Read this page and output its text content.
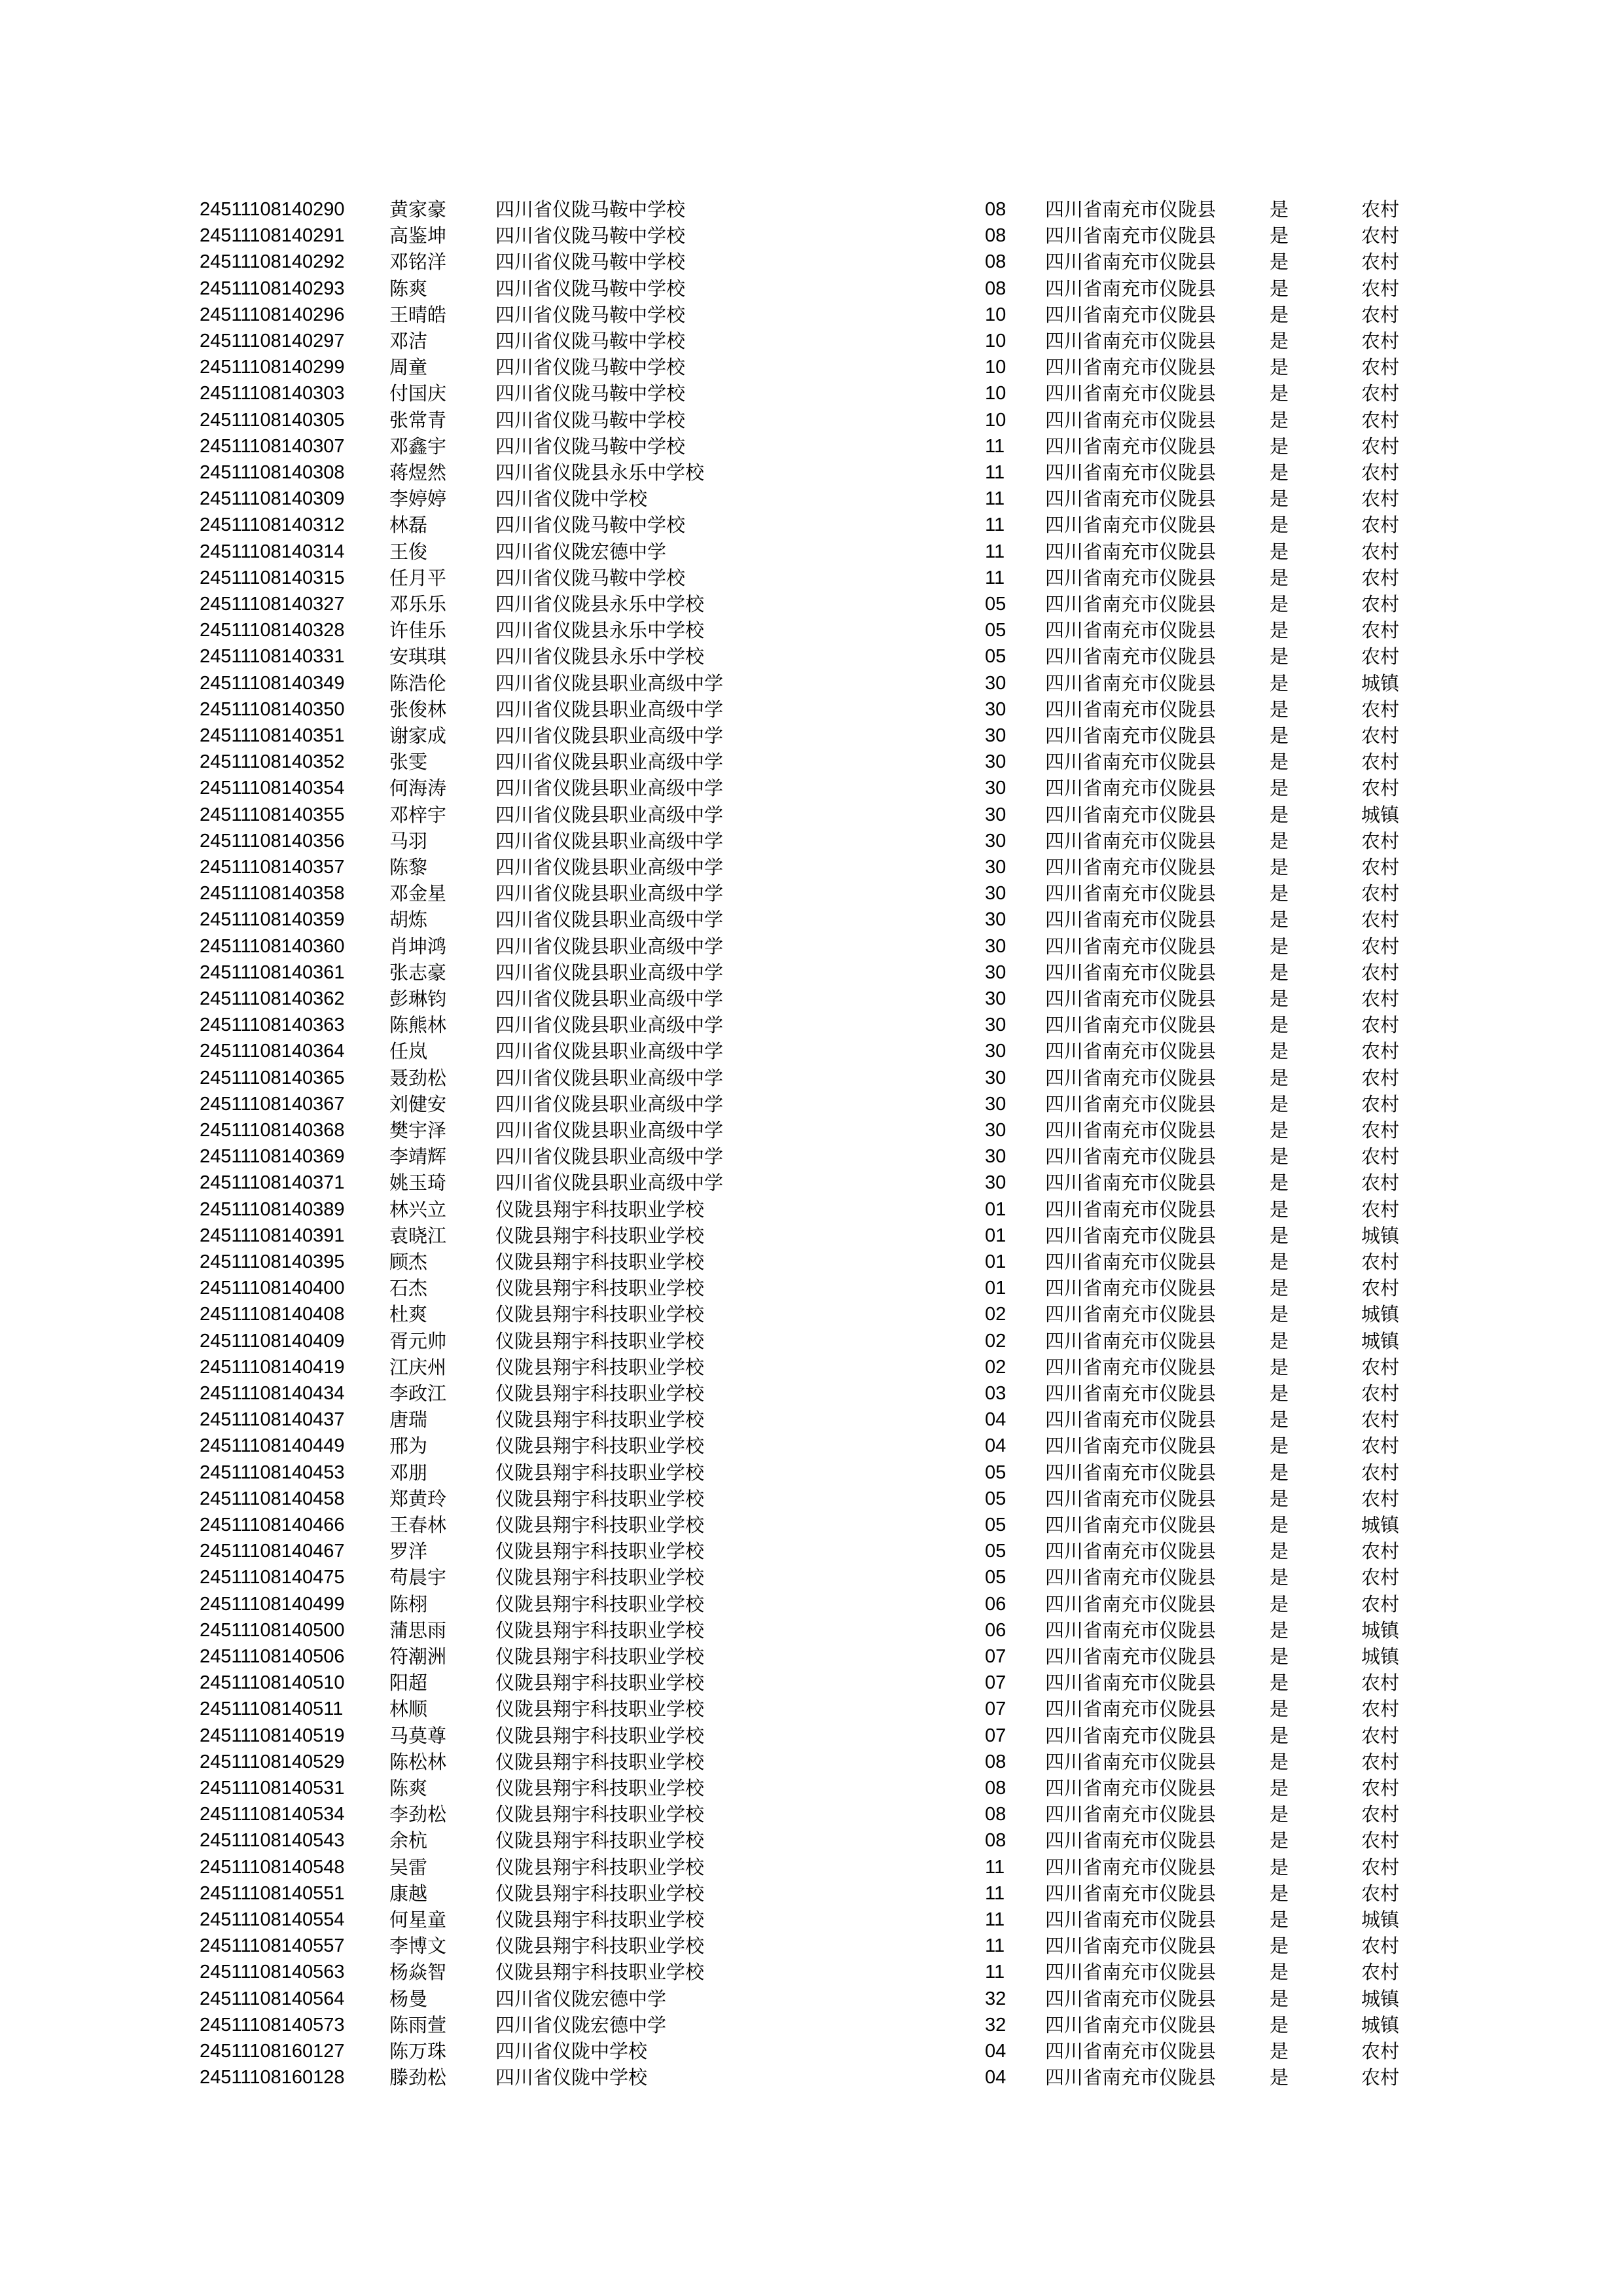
24511108140290 黄家豪	四川省仪陇马鞍中学校	08 四川省南充市仪陇县	是	农村
24511108140291 高鉴坤	四川省仪陇马鞍中学校	08 四川省南充市仪陇县	是	农村
24511108140292 邓铭洋	四川省仪陇马鞍中学校	08 四川省南充市仪陇县	是	农村
24511108140293 陈爽	四川省仪陇马鞍中学校	08 四川省南充市仪陇县	是	农村
24511108140296 王晴皓	四川省仪陇马鞍中学校	10 四川省南充市仪陇县	是	农村
24511108140297 邓洁	四川省仪陇马鞍中学校	10 四川省南充市仪陇县	是	农村
24511108140299 周童	四川省仪陇马鞍中学校	10 四川省南充市仪陇县	是	农村
24511108140303 付国庆	四川省仪陇马鞍中学校	10 四川省南充市仪陇县	是	农村
24511108140305 张常青	四川省仪陇马鞍中学校	10 四川省南充市仪陇县	是	农村
24511108140307 邓鑫宇	四川省仪陇马鞍中学校	11 四川省南充市仪陇县	是	农村
24511108140308 蒋煜然	四川省仪陇县永乐中学校	11 四川省南充市仪陇县	是	农村
24511108140309 李婷婷	四川省仪陇中学校	11 四川省南充市仪陇县	是	农村
24511108140312 林磊	四川省仪陇马鞍中学校	11 四川省南充市仪陇县	是	农村
24511108140314 王俊	四川省仪陇宏德中学	11 四川省南充市仪陇县	是	农村
24511108140315 任月平	四川省仪陇马鞍中学校	11 四川省南充市仪陇县	是	农村
24511108140327 邓乐乐	四川省仪陇县永乐中学校	05 四川省南充市仪陇县	是	农村
24511108140328 许佳乐	四川省仪陇县永乐中学校	05 四川省南充市仪陇县	是	农村
24511108140331 安琪琪	四川省仪陇县永乐中学校	05 四川省南充市仪陇县	是	农村
24511108140349 陈浩伦	四川省仪陇县职业高级中学	30 四川省南充市仪陇县	是	城镇
24511108140350 张俊林	四川省仪陇县职业高级中学	30 四川省南充市仪陇县	是	农村
24511108140351 谢家成	四川省仪陇县职业高级中学	30 四川省南充市仪陇县	是	农村
24511108140352 张雯	四川省仪陇县职业高级中学	30 四川省南充市仪陇县	是	农村
24511108140354 何海涛	四川省仪陇县职业高级中学	30 四川省南充市仪陇县	是	农村
24511108140355 邓梓宇	四川省仪陇县职业高级中学	30 四川省南充市仪陇县	是	城镇
24511108140356 马羽	四川省仪陇县职业高级中学	30 四川省南充市仪陇县	是	农村
24511108140357 陈黎	四川省仪陇县职业高级中学	30 四川省南充市仪陇县	是	农村
24511108140358 邓金星	四川省仪陇县职业高级中学	30 四川省南充市仪陇县	是	农村
24511108140359 胡炼	四川省仪陇县职业高级中学	30 四川省南充市仪陇县	是	农村
24511108140360 肖坤鸿	四川省仪陇县职业高级中学	30 四川省南充市仪陇县	是	农村
24511108140361 张志豪	四川省仪陇县职业高级中学	30 四川省南充市仪陇县	是	农村
24511108140362 彭琳钧	四川省仪陇县职业高级中学	30 四川省南充市仪陇县	是	农村
24511108140363 陈熊林	四川省仪陇县职业高级中学	30 四川省南充市仪陇县	是	农村
24511108140364 任岚	四川省仪陇县职业高级中学	30 四川省南充市仪陇县	是	农村
24511108140365 聂劲松	四川省仪陇县职业高级中学	30 四川省南充市仪陇县	是	农村
24511108140367 刘健安	四川省仪陇县职业高级中学	30 四川省南充市仪陇县	是	农村
24511108140368 樊宇泽	四川省仪陇县职业高级中学	30 四川省南充市仪陇县	是	农村
24511108140369 李靖辉	四川省仪陇县职业高级中学	30 四川省南充市仪陇县	是	农村
24511108140371 姚玉琦	四川省仪陇县职业高级中学	30 四川省南充市仪陇县	是	农村
24511108140389 林兴立	仪陇县翔宇科技职业学校	01 四川省南充市仪陇县	是	农村
24511108140391 袁晓江	仪陇县翔宇科技职业学校	01 四川省南充市仪陇县	是	城镇
24511108140395 顾杰	仪陇县翔宇科技职业学校	01 四川省南充市仪陇县	是	农村
24511108140400 石杰	仪陇县翔宇科技职业学校	01 四川省南充市仪陇县	是	农村
24511108140408 杜爽	仪陇县翔宇科技职业学校	02 四川省南充市仪陇县	是	城镇
24511108140409 胥元帅	仪陇县翔宇科技职业学校	02 四川省南充市仪陇县	是	城镇
24511108140419 江庆州	仪陇县翔宇科技职业学校	02 四川省南充市仪陇县	是	农村
24511108140434 李政江	仪陇县翔宇科技职业学校	03 四川省南充市仪陇县	是	农村
24511108140437 唐瑞	仪陇县翔宇科技职业学校	04 四川省南充市仪陇县	是	农村
24511108140449 邢为	仪陇县翔宇科技职业学校	04 四川省南充市仪陇县	是	农村
24511108140453 邓朋	仪陇县翔宇科技职业学校	05 四川省南充市仪陇县	是	农村
24511108140458 郑黄玲	仪陇县翔宇科技职业学校	05 四川省南充市仪陇县	是	农村
24511108140466 王春林	仪陇县翔宇科技职业学校	05 四川省南充市仪陇县	是	城镇
24511108140467 罗洋	仪陇县翔宇科技职业学校	05 四川省南充市仪陇县	是	农村
24511108140475 苟晨宇	仪陇县翔宇科技职业学校	05 四川省南充市仪陇县	是	农村
24511108140499 陈栩	仪陇县翔宇科技职业学校	06 四川省南充市仪陇县	是	农村
24511108140500 蒲思雨	仪陇县翔宇科技职业学校	06 四川省南充市仪陇县	是	城镇
24511108140506 符潮洲	仪陇县翔宇科技职业学校	07 四川省南充市仪陇县	是	城镇
24511108140510 阳超	仪陇县翔宇科技职业学校	07 四川省南充市仪陇县	是	农村
24511108140511 林顺	仪陇县翔宇科技职业学校	07 四川省南充市仪陇县	是	农村
24511108140519 马莫尊	仪陇县翔宇科技职业学校	07 四川省南充市仪陇县	是	农村
24511108140529 陈松林	仪陇县翔宇科技职业学校	08 四川省南充市仪陇县	是	农村
24511108140531 陈爽	仪陇县翔宇科技职业学校	08 四川省南充市仪陇县	是	农村
24511108140534 李劲松	仪陇县翔宇科技职业学校	08 四川省南充市仪陇县	是	农村
24511108140543 余杭	仪陇县翔宇科技职业学校	08 四川省南充市仪陇县	是	农村
24511108140548 吴雷	仪陇县翔宇科技职业学校	11 四川省南充市仪陇县	是	农村
24511108140551 康越	仪陇县翔宇科技职业学校	11 四川省南充市仪陇县	是	农村
24511108140554 何星童	仪陇县翔宇科技职业学校	11 四川省南充市仪陇县	是	城镇
24511108140557 李博文	仪陇县翔宇科技职业学校	11 四川省南充市仪陇县	是	农村
24511108140563 杨焱智	仪陇县翔宇科技职业学校	11 四川省南充市仪陇县	是	农村
24511108140564 杨曼	四川省仪陇宏德中学	32 四川省南充市仪陇县	是	城镇
24511108140573 陈雨萱	四川省仪陇宏德中学	32 四川省南充市仪陇县	是	城镇
24511108160127 陈万珠	四川省仪陇中学校	04 四川省南充市仪陇县	是	农村
24511108160128 滕劲松	四川省仪陇中学校	04 四川省南充市仪陇县	是	农村
